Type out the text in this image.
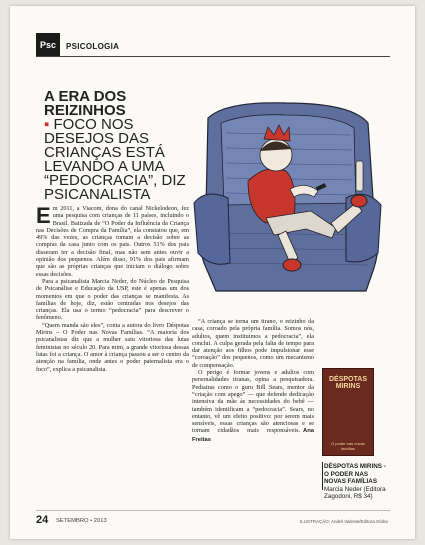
Psc	PSICOLOGIA
A ERA DOS REIZINHOS
▪ FOCO NOS DESEJOS DAS CRIANÇAS ESTÁ LEVANDO A UMA “PEDOCRACIA”, DIZ PSICANALISTA

Em 2011, a Viacom, dona do canal Nickelodeon, fez uma pesquisa com crianças de 11 países, incluindo o Brasil. Batizada de “O Poder da Influência da Criança nas Decisões de Compra da Família”, ela constatou que, em 49% das vezes, as crianças tomam a decisão sobre as compras da casa junto com os pais. Outros 51% dos pais disseram ter a decisão final, mas não sem antes ouvir a opinião dos pequenos. Além disso, 91% dos pais afirmam que são as próprias crianças que iniciam o diálogo sobre essas decisões.

Para a psicanalista Marcia Neder, do Núcleo de Pesquisa de Psicanálise e Educação da USP, este é apenas um dos momentos em que o poder das crianças se manifesta. As famílias de hoje, diz, estão centradas nos desejos das crianças. Ela usa o termo “pedocracia” para descrever o fenômeno.

“Quem manda são eles”, conta a autora do livro Déspotas Mirins – O Poder nas Novas Famílias. “A maioria dos psicanalistas diz que a mulher saiu vitoriosa das lutas feministas no século 20. Para mim, a grande vitoriosa dessas lutas foi a criança. O amor à criança passou a ser o centro da atenção na família, onde antes o poder paternalista era o foco”, explica a psicanalista.

“A criança se torna um tirano, o reizinho da casa, coroado pela própria família. Somos nós, adultos, quem instituímos a pedocracia”, ela conclui. A culpa gerada pela falta de tempo para dar atenção aos filhos pode impulsionar esse “coroação” dos pequenos, como um mecanismo de compensação.

O perigo é formar jovens e adultos com personalidades tiranas, opina a pesquisadora. Pediatras como o guru Bill Sears, mentor da “criação com apego” — que defende dedicação intensiva da mãe às necessidades do bebê — também identificam a “pedocracia”. Sears, no entanto, vê um efeito positivo: por serem mais sensíveis, essas crianças são atenciosas e se tornam cidadãos mais responsáveis. Ana Freitas

DÉSPOTAS MIRINS
O poder nas novas famílias
DÉSPOTAS MIRINS - O PODER NAS NOVAS FAMÍLIAS Marcia Neder (Editora Zagodoni, R$ 34)
24 SETEMBRO • 2013	ILUSTRAÇÃO: André Valente/Editora Globo
